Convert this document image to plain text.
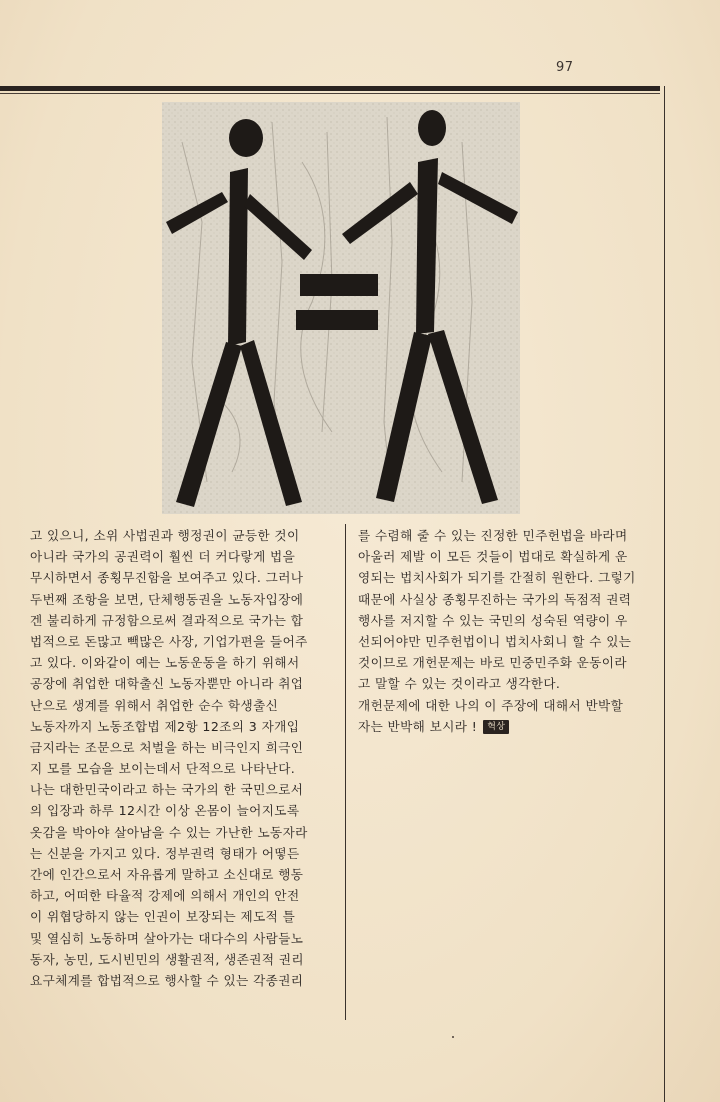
97
고 있으니, 소위 사법권과 행정권이 균등한 것이
아니라 국가의 공권력이 훨씬 더 커다랗게 법을
무시하면서 종횡무진함을 보여주고 있다. 그러나
두번째 조항을 보면, 단체행동권을 노동자입장에
겐 불리하게 규정함으로써 결과적으로 국가는 합
법적으로 돈많고 빽많은 사장, 기업가편을 들어주
고 있다. 이와같이 예는 노동운동을 하기 위해서
공장에 취업한 대학출신 노동자뿐만 아니라 취업
난으로 생계를 위해서 취업한 순수 학생출신
노동자까지 노동조합법 제2항 12조의 3 자개입
금지라는 조문으로 처벌을 하는 비극인지 희극인
지 모를 모습을 보이는데서 단적으로 나타난다.
나는 대한민국이라고 하는 국가의 한 국민으로서
의 입장과 하루 12시간 이상 온몸이 늘어지도록
옷감을 박아야 살아남을 수 있는 가난한 노동자라
는 신분을 가지고 있다. 정부권력 형태가 어떻든
간에 인간으로서 자유롭게 말하고 소신대로 행동
하고, 어떠한 타율적 강제에 의해서 개인의 안전
이 위협당하지 않는 인권이 보장되는 제도적 틀
및 열심히 노동하며 살아가는 대다수의 사람들노
동자, 농민, 도시빈민의 생활권적, 생존권적 권리
요구체계를 합법적으로 행사할 수 있는 각종권리
를 수렴해 줄 수 있는 진정한 민주헌법을 바라며
아울러 제발 이 모든 것들이 법대로 확실하게 운
영되는 법치사회가 되기를 간절히 원한다. 그렇기
때문에 사실상 종횡무진하는 국가의 독점적 권력
행사를 저지할 수 있는 국민의 성숙된 역량이 우
선되어야만 민주헌법이니 법치사회니 할 수 있는
것이므로 개헌문제는 바로 민중민주화 운동이라
고 말할 수 있는 것이라고 생각한다.
개헌문제에 대한 나의 이 주장에 대해서 반박할
자는 반박해 보시라 ! 혁상
